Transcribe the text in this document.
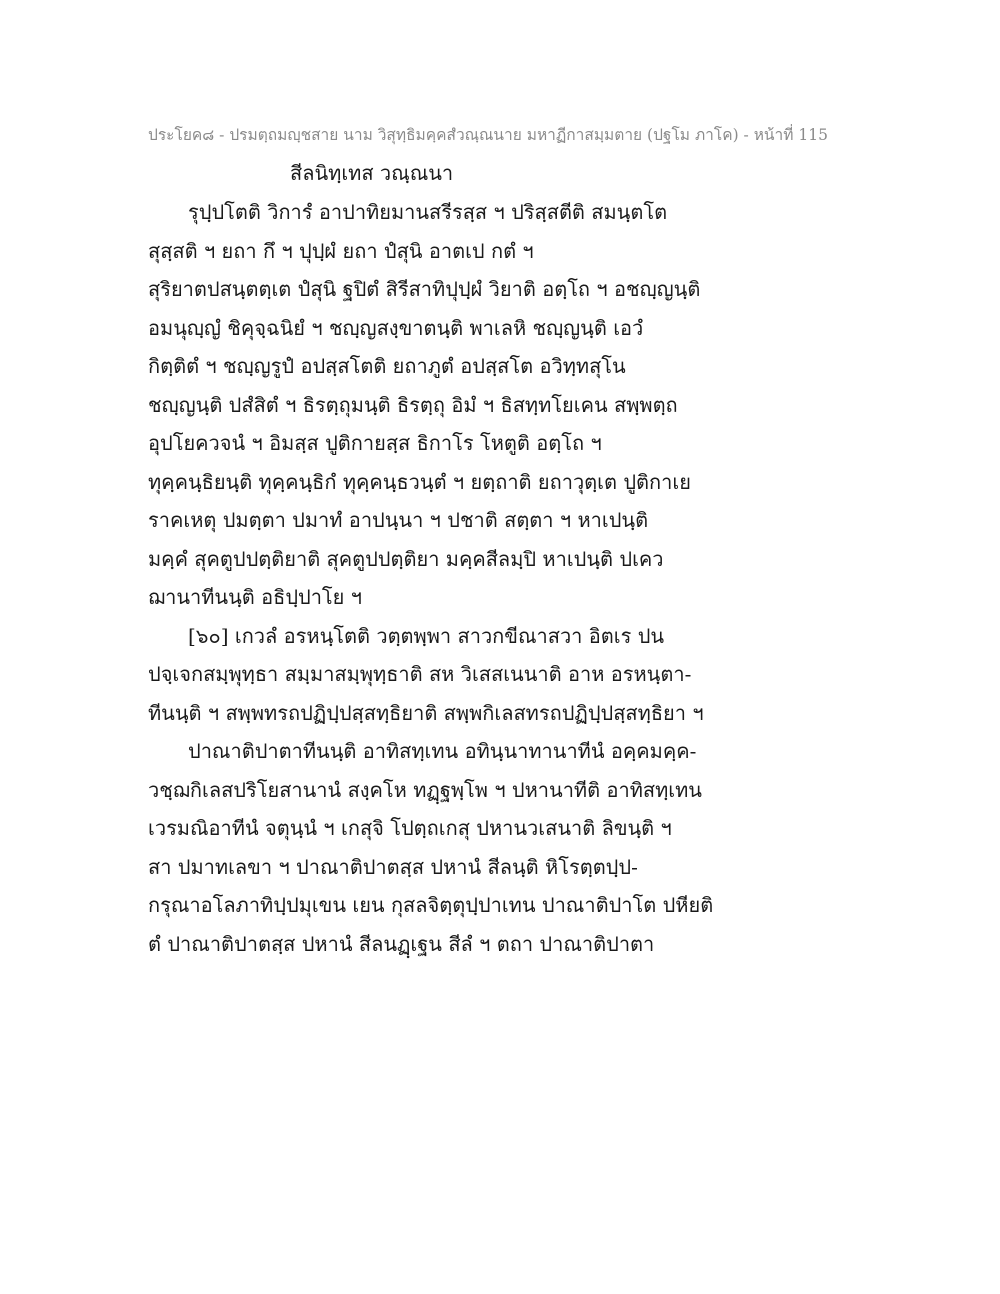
ประโยค๘ - ปรมตฺถมญฺชสาย นาม วิสุทฺธิมคฺคสํวณฺณนาย มหาฏีกาสมฺมตาย (ปฐโม ภาโค) - หน้าที่ 115
สีลนิทฺเทส วณฺณนา
รุปฺปโตติ วิการํ อาปาทิยมานสรีรสฺส ฯ ปริสฺสตีติ สมนฺตโต
สุสฺสติ ฯ ยถา กึ ฯ ปุปฺผํ ยถา ปํสุนิ อาตเป กตํ ฯ
สุริยาตปสนฺตตฺเต ปํสุนิ ฐปิตํ สิรีสาทิปุปฺผํ วิยาติ อตฺโถ ฯ อชญฺญนฺติ
อมนุญฺญํ ชิคุจฺฉนิยํ ฯ ชญฺญสงฺขาตนฺติ พาเลหิ ชญฺญนฺติ เอวํ
กิตฺติตํ ฯ ชญฺญรูปํ อปสฺสโตติ ยถาภูตํ อปสฺสโต อวิทฺทสุโน
ชญฺญนฺติ ปสํสิตํ ฯ ธิรตฺถุมนฺติ ธิรตฺถุ อิมํ ฯ ธิสทฺทโยเคน สพฺพตฺถ
อุปโยควจนํ ฯ อิมสฺส ปูติกายสฺส ธิกาโร โหตูติ อตฺโถ ฯ
ทุคฺคนฺธิยนฺติ ทุคฺคนฺธิกํ ทุคฺคนฺธวนฺตํ ฯ ยตฺถาติ ยถาวุตฺเต ปูติกาเย
ราคเหตุ ปมตฺตา ปมาทํ อาปนฺนา ฯ ปชาติ สตฺตา ฯ หาเปนฺติ
มคฺคํ สุคตูปปตฺติยาติ สุคตูปปตฺติยา มคฺคสีลมฺปิ หาเปนฺติ ปเคว
ฌานาทีนนฺติ อธิปฺปาโย ฯ
[๖๐] เกวลํ อรหนฺโตติ วตฺตพฺพา สาวกขีณาสวา อิตเร ปน
ปจฺเจกสมฺพุทฺธา สมฺมาสมฺพุทฺธาติ สห วิเสสเนนาติ อาห อรหนฺตา-
ทีนนฺติ ฯ สพฺพทรถปฏิปฺปสฺสทฺธิยาติ สพฺพกิเลสทรถปฏิปฺปสฺสทฺธิยา ฯ
ปาณาติปาตาทีนนฺติ อาทิสทฺเทน อทินฺนาทานาทีนํ อคฺคมคฺค-
วชฺฌกิเลสปริโยสานานํ สงฺคโห ทฏฺฐพฺโพ ฯ ปหานาทีติ อาทิสทฺเทน
เวรมณิอาทีนํ จตุนฺนํ ฯ เกสุจิ โปตฺถเกสุ ปหานวเสนาติ ลิขนฺติ ฯ
สา ปมาทเลขา ฯ ปาณาติปาตสฺส ปหานํ สีลนฺติ หิโรตฺตปฺป-
กรุณาอโลภาทิปฺปมุเขน เยน กุสลจิตฺตุปฺปาเทน ปาณาติปาโต ปหียติ
ตํ ปาณาติปาตสฺส ปหานํ สีลนฏฺเฐน สีลํ ฯ ตถา ปาณาติปาตา
